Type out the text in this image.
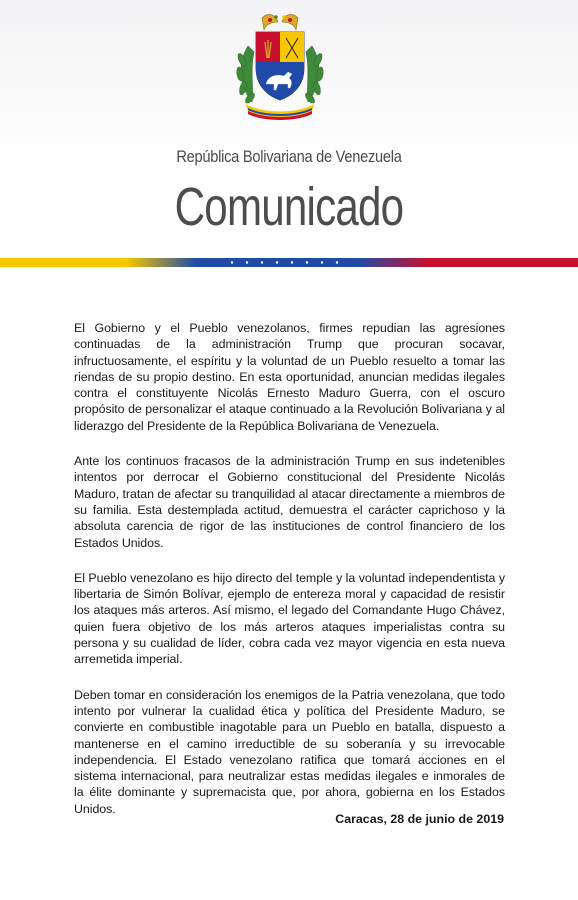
República Bolivariana de Venezuela
Comunicado

El Gobierno y el Pueblo venezolanos, firmes repudian las agresiones continuadas de la administración Trump que procuran socavar, infructuosamente, el espíritu y la voluntad de un Pueblo resuelto a tomar las riendas de su propio destino. En esta oportunidad, anuncian medidas ilegales contra el constituyente Nicolás Ernesto Maduro Guerra, con el oscuro propósito de personalizar el ataque continuado a la Revolución Bolivariana y al liderazgo del Presidente de la República Bolivariana de Venezuela.

Ante los continuos fracasos de la administración Trump en sus indetenibles intentos por derrocar el Gobierno constitucional del Presidente Nicolás Maduro, tratan de afectar su tranquilidad al atacar directamente a miembros de su familia. Esta destemplada actitud, demuestra el carácter caprichoso y la absoluta carencia de rigor de las instituciones de control financiero de los Estados Unidos.

El Pueblo venezolano es hijo directo del temple y la voluntad independentista y libertaria de Simón Bolívar, ejemplo de entereza moral y capacidad de resistir los ataques más arteros. Así mismo, el legado del Comandante Hugo Chávez, quien fuera objetivo de los más arteros ataques imperialistas contra su persona y su cualidad de líder, cobra cada vez mayor vigencia en esta nueva arremetida imperial.

Deben tomar en consideración los enemigos de la Patria venezolana, que todo intento por vulnerar la cualidad ética y política del Presidente Maduro, se convierte en combustible inagotable para un Pueblo en batalla, dispuesto a mantenerse en el camino irreductible de su soberanía y su irrevocable independencia. El Estado venezolano ratifica que tomará acciones en el sistema internacional, para neutralizar estas medidas ilegales e inmorales de la élite dominante y supremacista que, por ahora, gobierna en los Estados Unidos.

Caracas, 28 de junio de 2019
